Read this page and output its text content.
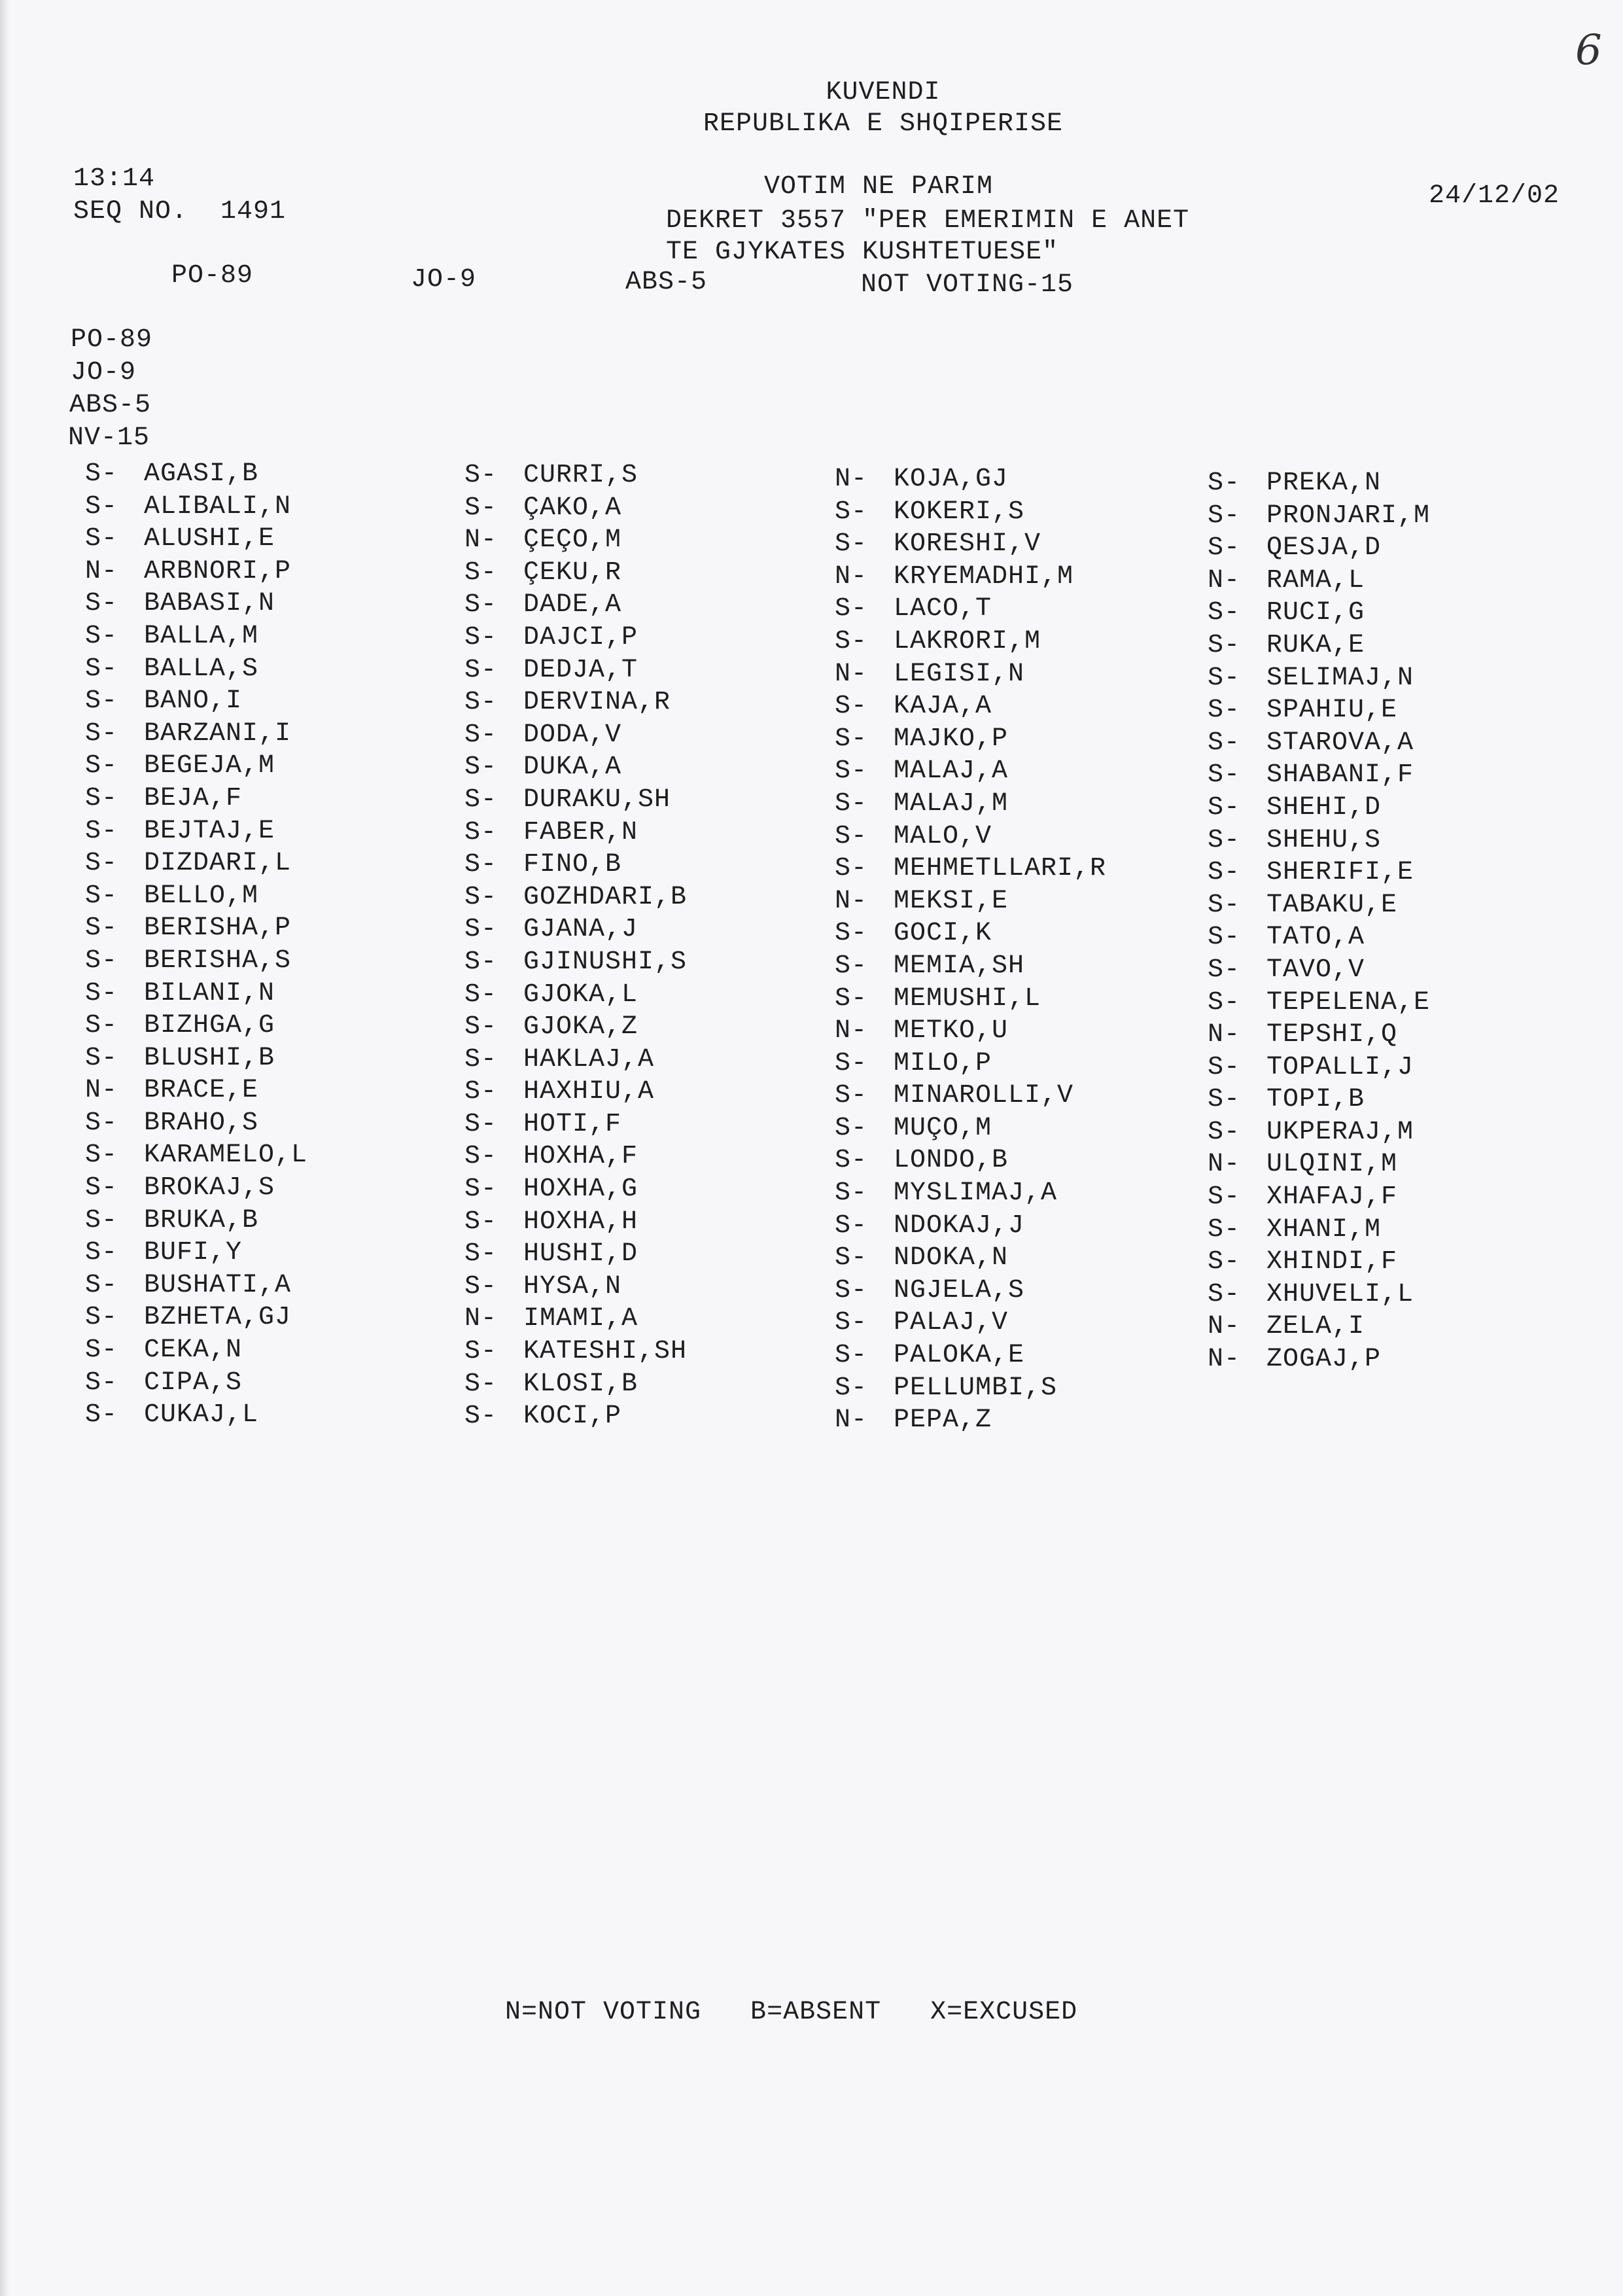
6
KUVENDI
REPUBLIKA E SHQIPERISE
13:14
SEQ NO.  1491
VOTIM NE PARIM
DEKRET 3557 "PER EMERIMIN E ANET
TE GJYKATES KUSHTETUESE"
24/12/02
PO-89	JO-9	ABS-5	NOT VOTING-15
PO-89
JO-9
ABS-5
NV-15
S- AGASI,B
S- ALIBALI,N
S- ALUSHI,E
N- ARBNORI,P
S- BABASI,N
S- BALLA,M
S- BALLA,S
S- BANO,I
S- BARZANI,I
S- BEGEJA,M
S- BEJA,F
S- BEJTAJ,E
S- DIZDARI,L
S- BELLO,M
S- BERISHA,P
S- BERISHA,S
S- BILANI,N
S- BIZHGA,G
S- BLUSHI,B
N- BRACE,E
S- BRAHO,S
S- KARAMELO,L
S- BROKAJ,S
S- BRUKA,B
S- BUFI,Y
S- BUSHATI,A
S- BZHETA,GJ
S- CEKA,N
S- CIPA,S
S- CUKAJ,L
S- CURRI,S
S- ÇAKO,A
N- ÇEÇO,M
S- ÇEKU,R
S- DADE,A
S- DAJCI,P
S- DEDJA,T
S- DERVINA,R
S- DODA,V
S- DUKA,A
S- DURAKU,SH
S- FABER,N
S- FINO,B
S- GOZHDARI,B
S- GJANA,J
S- GJINUSHI,S
S- GJOKA,L
S- GJOKA,Z
S- HAKLAJ,A
S- HAXHIU,A
S- HOTI,F
S- HOXHA,F
S- HOXHA,G
S- HOXHA,H
S- HUSHI,D
S- HYSA,N
N- IMAMI,A
S- KATESHI,SH
S- KLOSI,B
S- KOCI,P
N- KOJA,GJ
S- KOKERI,S
S- KORESHI,V
N- KRYEMADHI,M
S- LACO,T
S- LAKRORI,M
N- LEGISI,N
S- KAJA,A
S- MAJKO,P
S- MALAJ,A
S- MALAJ,M
S- MALO,V
S- MEHMETLLARI,R
N- MEKSI,E
S- GOCI,K
S- MEMIA,SH
S- MEMUSHI,L
N- METKO,U
S- MILO,P
S- MINAROLLI,V
S- MUÇO,M
S- LONDO,B
S- MYSLIMAJ,A
S- NDOKAJ,J
S- NDOKA,N
S- NGJELA,S
S- PALAJ,V
S- PALOKA,E
S- PELLUMBI,S
N- PEPA,Z
S- PREKA,N
S- PRONJARI,M
S- QESJA,D
N- RAMA,L
S- RUCI,G
S- RUKA,E
S- SELIMAJ,N
S- SPAHIU,E
S- STAROVA,A
S- SHABANI,F
S- SHEHI,D
S- SHEHU,S
S- SHERIFI,E
S- TABAKU,E
S- TATO,A
S- TAVO,V
S- TEPELENA,E
N- TEPSHI,Q
S- TOPALLI,J
S- TOPI,B
S- UKPERAJ,M
N- ULQINI,M
S- XHAFAJ,F
S- XHANI,M
S- XHINDI,F
S- XHUVELI,L
N- ZELA,I
N- ZOGAJ,P
N=NOT VOTING   B=ABSENT   X=EXCUSED
